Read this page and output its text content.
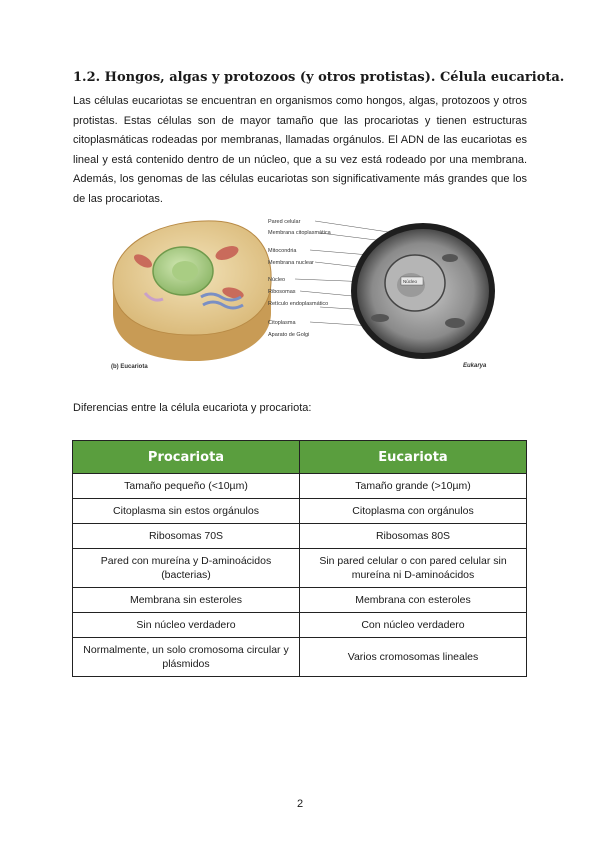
1.2. Hongos, algas y protozoos (y otros protistas). Célula eucariota.
Las células eucariotas se encuentran en organismos como hongos, algas, protozoos y otros protistas. Estas células son de mayor tamaño que las procariotas y tienen estructuras citoplasmáticas rodeadas por membranas, llamadas orgánulos. El ADN de las eucariotas es lineal y está contenido dentro de un núcleo, que a su vez está rodeado por una membrana. Además, los genomas de las células eucariotas son significativamente más grandes que los de las procariotas.
(b) Eucariota
Pared celular
Membrana citoplasmática
Mitocondria
Membrana nuclear
Núcleo
Ribosomas
Retículo endoplasmático
Citoplasma
Aparato de Golgi
Núcleo
Eukarya
Diferencias entre la célula eucariota y procariota:
Procariota	Eucariota
Tamaño pequeño (<10µm)	Tamaño grande (>10µm)
Citoplasma sin estos orgánulos	Citoplasma con orgánulos
Ribosomas 70S	Ribosomas 80S
Pared con mureína y D-aminoácidos (bacterias)	Sin pared celular o con pared celular sin mureína ni D-aminoácidos
Membrana sin esteroles	Membrana con esteroles
Sin núcleo verdadero	Con núcleo verdadero
Normalmente, un solo cromosoma circular y plásmidos	Varios cromosomas lineales
2
